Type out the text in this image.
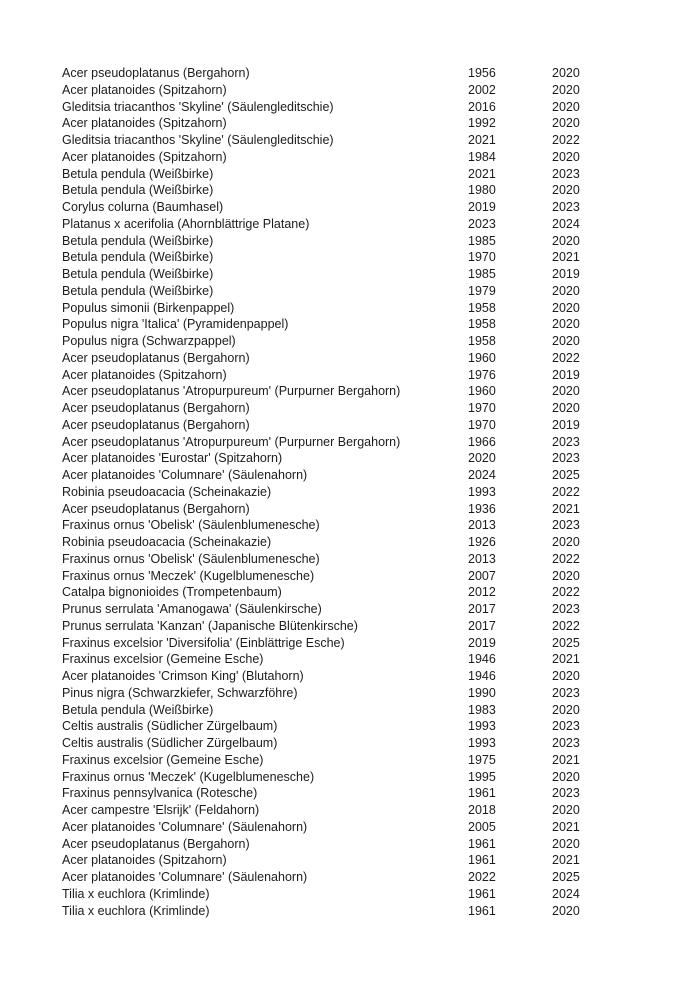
Acer pseudoplatanus (Bergahorn)	1956	2020
Acer platanoides (Spitzahorn)	2002	2020
Gleditsia triacanthos 'Skyline' (Säulengleditschie)	2016	2020
Acer platanoides (Spitzahorn)	1992	2020
Gleditsia triacanthos 'Skyline' (Säulengleditschie)	2021	2022
Acer platanoides (Spitzahorn)	1984	2020
Betula pendula (Weißbirke)	2021	2023
Betula pendula (Weißbirke)	1980	2020
Corylus colurna (Baumhasel)	2019	2023
Platanus x acerifolia (Ahornblättrige Platane)	2023	2024
Betula pendula (Weißbirke)	1985	2020
Betula pendula (Weißbirke)	1970	2021
Betula pendula (Weißbirke)	1985	2019
Betula pendula (Weißbirke)	1979	2020
Populus simonii (Birkenpappel)	1958	2020
Populus nigra 'Italica' (Pyramidenpappel)	1958	2020
Populus nigra (Schwarzpappel)	1958	2020
Acer pseudoplatanus (Bergahorn)	1960	2022
Acer platanoides (Spitzahorn)	1976	2019
Acer pseudoplatanus 'Atropurpureum' (Purpurner Bergahorn)	1960	2020
Acer pseudoplatanus (Bergahorn)	1970	2020
Acer pseudoplatanus (Bergahorn)	1970	2019
Acer pseudoplatanus 'Atropurpureum' (Purpurner Bergahorn)	1966	2023
Acer platanoides 'Eurostar' (Spitzahorn)	2020	2023
Acer platanoides 'Columnare' (Säulenahorn)	2024	2025
Robinia pseudoacacia (Scheinakazie)	1993	2022
Acer pseudoplatanus (Bergahorn)	1936	2021
Fraxinus ornus 'Obelisk' (Säulenblumenesche)	2013	2023
Robinia pseudoacacia (Scheinakazie)	1926	2020
Fraxinus ornus 'Obelisk' (Säulenblumenesche)	2013	2022
Fraxinus ornus 'Meczek' (Kugelblumenesche)	2007	2020
Catalpa bignonioides (Trompetenbaum)	2012	2022
Prunus serrulata 'Amanogawa' (Säulenkirsche)	2017	2023
Prunus serrulata 'Kanzan' (Japanische Blütenkirsche)	2017	2022
Fraxinus excelsior 'Diversifolia' (Einblättrige Esche)	2019	2025
Fraxinus excelsior (Gemeine Esche)	1946	2021
Acer platanoides 'Crimson King' (Blutahorn)	1946	2020
Pinus nigra (Schwarzkiefer, Schwarzföhre)	1990	2023
Betula pendula (Weißbirke)	1983	2020
Celtis australis (Südlicher Zürgelbaum)	1993	2023
Celtis australis (Südlicher Zürgelbaum)	1993	2023
Fraxinus excelsior (Gemeine Esche)	1975	2021
Fraxinus ornus 'Meczek' (Kugelblumenesche)	1995	2020
Fraxinus pennsylvanica (Rotesche)	1961	2023
Acer campestre 'Elsrijk' (Feldahorn)	2018	2020
Acer platanoides 'Columnare' (Säulenahorn)	2005	2021
Acer pseudoplatanus (Bergahorn)	1961	2020
Acer platanoides (Spitzahorn)	1961	2021
Acer platanoides 'Columnare' (Säulenahorn)	2022	2025
Tilia x euchlora (Krimlinde)	1961	2024
Tilia x euchlora (Krimlinde)	1961	2020
